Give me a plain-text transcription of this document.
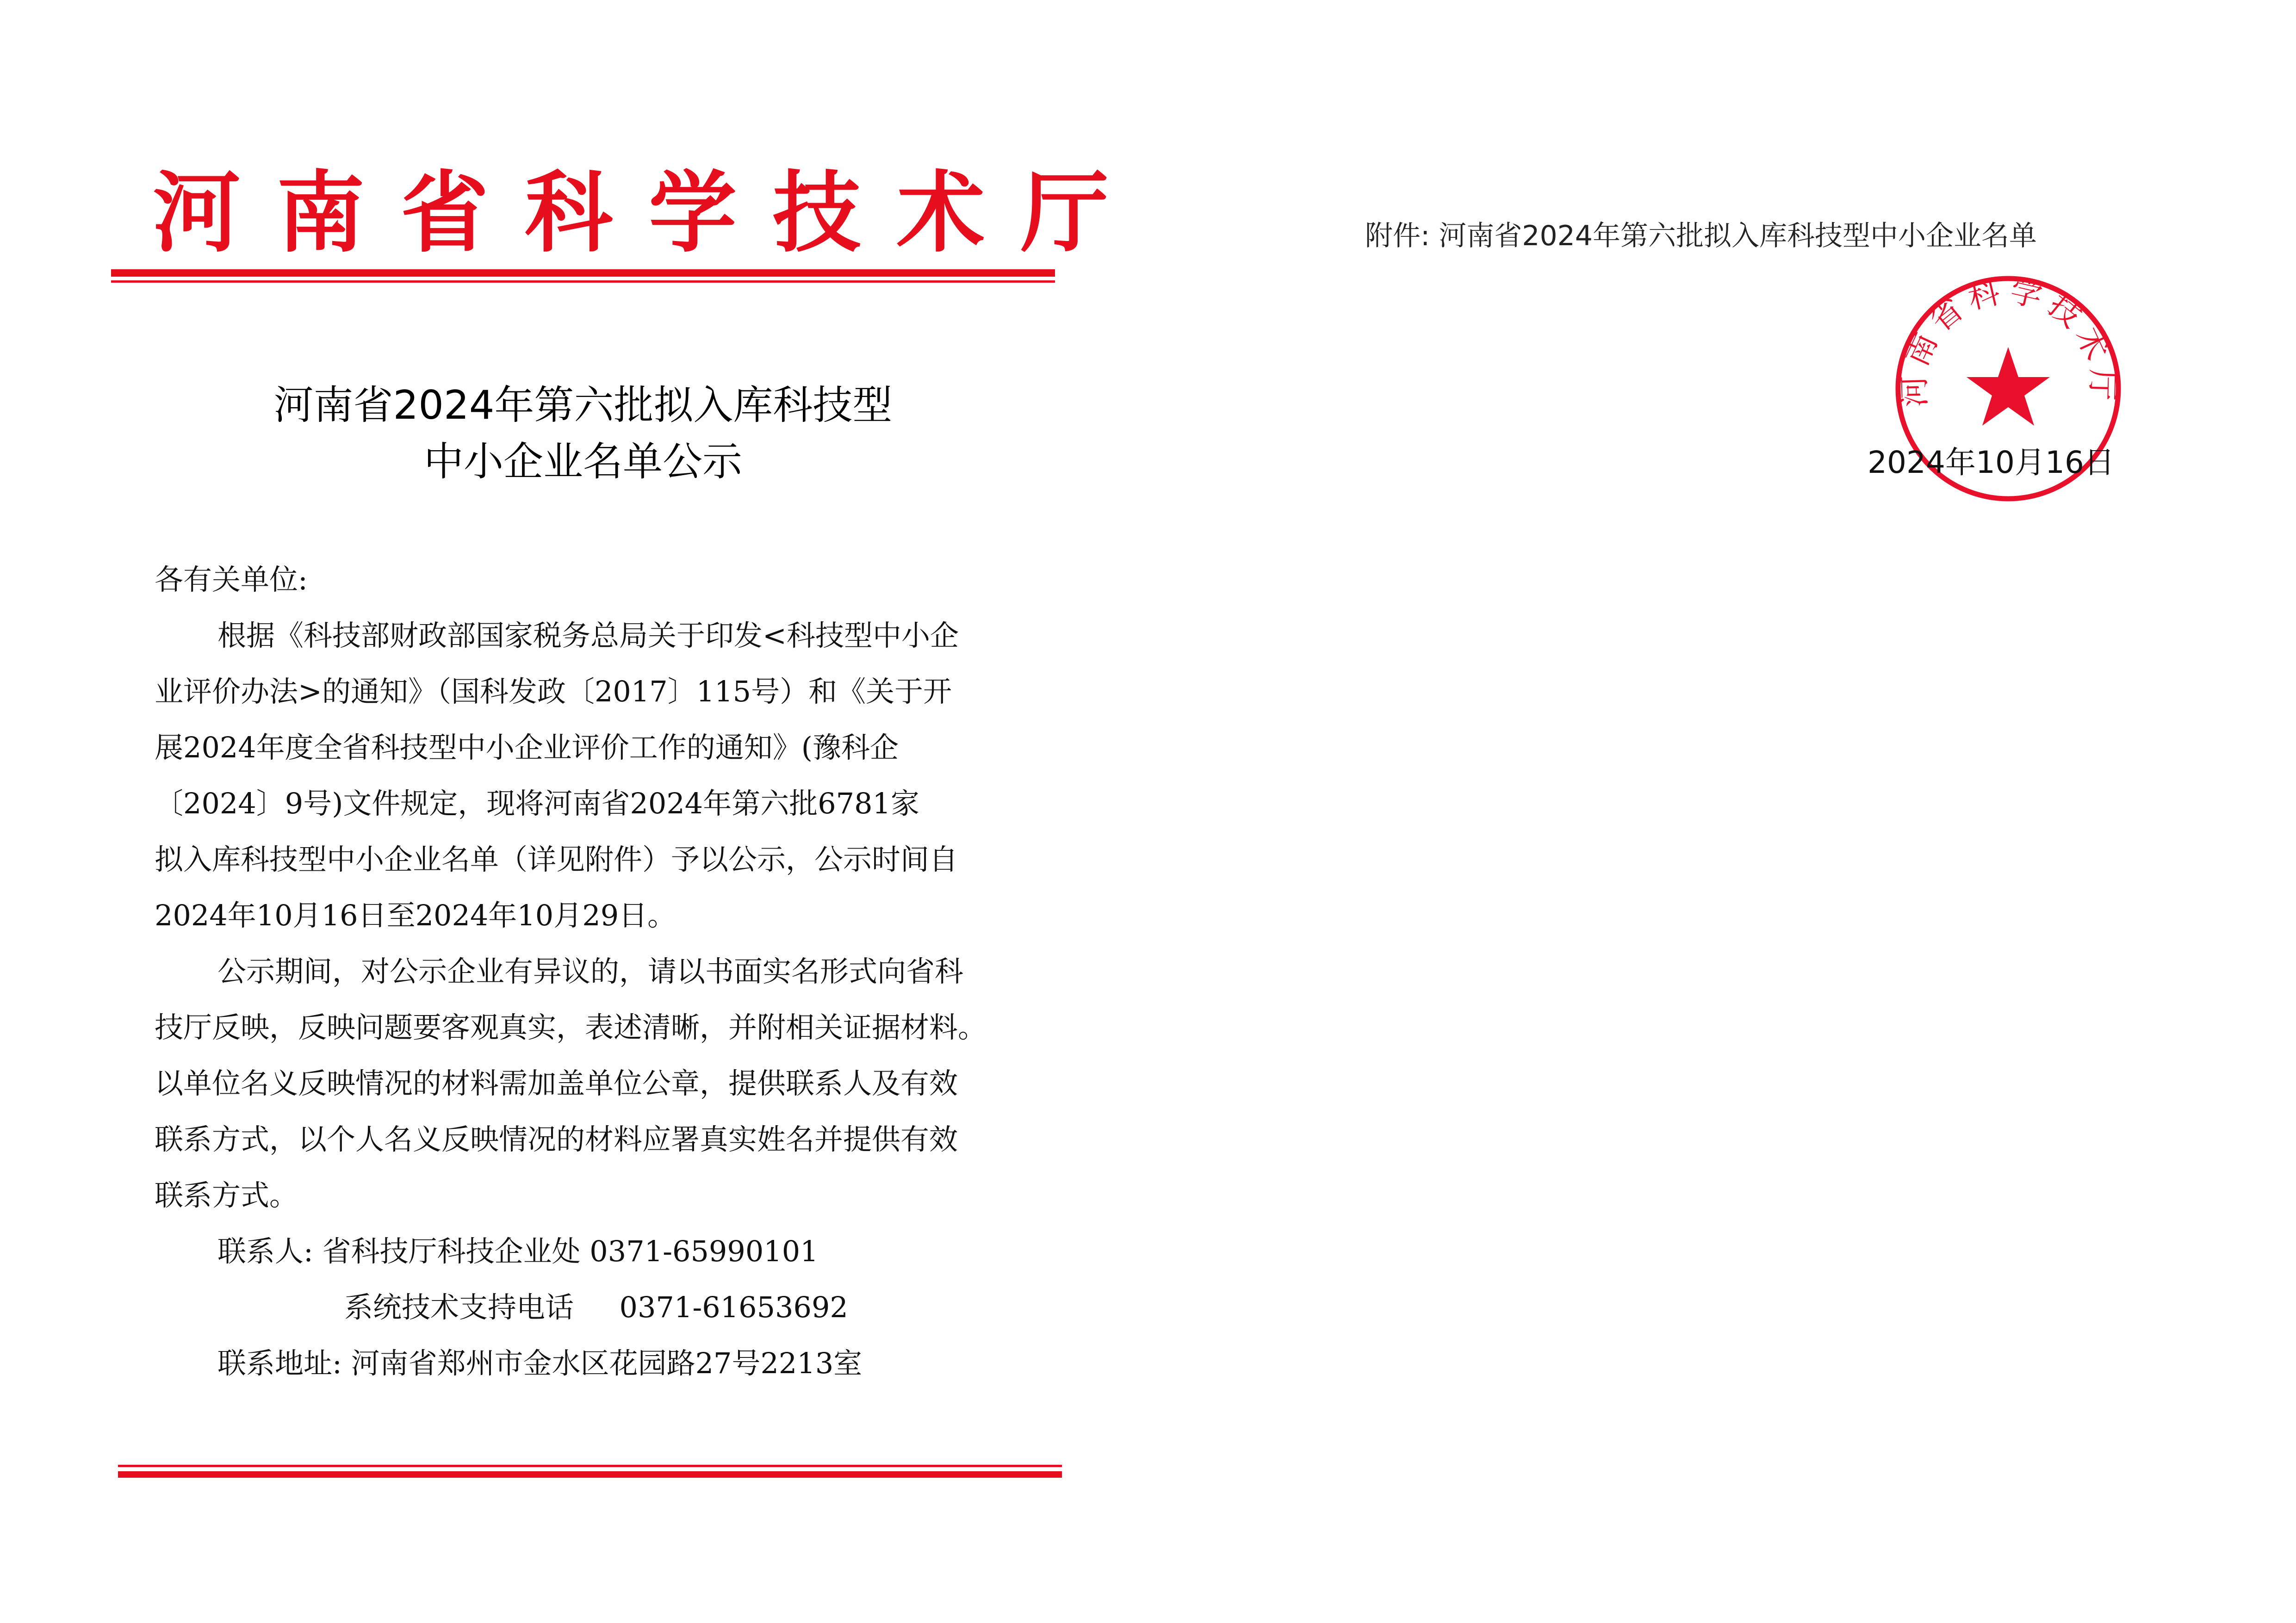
河南省科学技术厅
河南省2024年第六批拟入库科技型
中小企业名单公示
各有关单位:
根据《科技部财政部国家税务总局关于印发<科技型中小企
业评价办法>的通知》（国科发政〔2017〕115号）和《关于开
展2024年度全省科技型中小企业评价工作的通知》(豫科企
〔2024〕9号)文件规定，现将河南省2024年第六批6781家
拟入库科技型中小企业名单（详见附件）予以公示，公示时间自
2024年10月16日至2024年10月29日。
公示期间，对公示企业有异议的，请以书面实名形式向省科
技厅反映，反映问题要客观真实，表述清晰，并附相关证据材料。
以单位名义反映情况的材料需加盖单位公章，提供联系人及有效
联系方式，以个人名义反映情况的材料应署真实姓名并提供有效
联系方式。
联系人: 省科技厅科技企业处 0371-65990101
系统技术支持电话     0371-61653692
联系地址: 河南省郑州市金水区花园路27号2213室
附件: 河南省2024年第六批拟入库科技型中小企业名单
河南省科学技术厅
2024年10月16日
